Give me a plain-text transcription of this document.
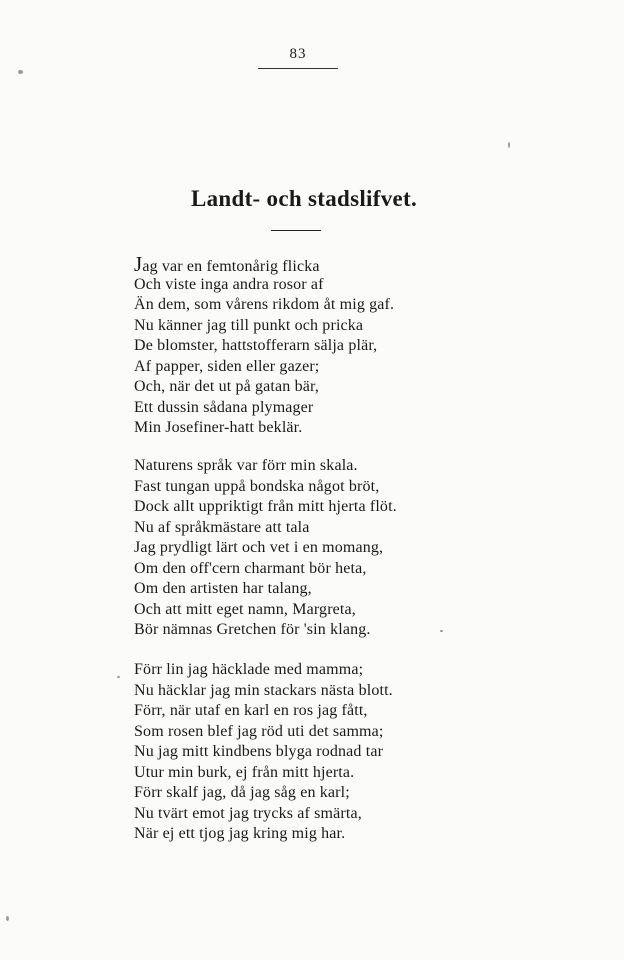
83
Landt- och stadslifvet.
Jag var en femtonårig flicka
Och viste inga andra rosor af
Än dem, som vårens rikdom åt mig gaf.
Nu känner jag till punkt och pricka
De blomster, hattstofferarn sälja plär,
Af papper, siden eller gazer;
Och, när det ut på gatan bär,
Ett dussin sådana plymager
Min Josefiner-hatt beklär.
Naturens språk var förr min skala.
Fast tungan uppå bondska något bröt,
Dock allt uppriktigt från mitt hjerta flöt.
Nu af språkmästare att tala
Jag prydligt lärt och vet i en momang,
Om den off'cern charmant bör heta,
Om den artisten har talang,
Och att mitt eget namn, Margreta,
Bör nämnas Gretchen för 'sin klang.
Förr lin jag häcklade med mamma;
Nu häcklar jag min stackars nästa blott.
Förr, när utaf en karl en ros jag fått,
Som rosen blef jag röd uti det samma;
Nu jag mitt kindbens blyga rodnad tar
Utur min burk, ej från mitt hjerta.
Förr skalf jag, då jag såg en karl;
Nu tvärt emot jag trycks af smärta,
När ej ett tjog jag kring mig har.
